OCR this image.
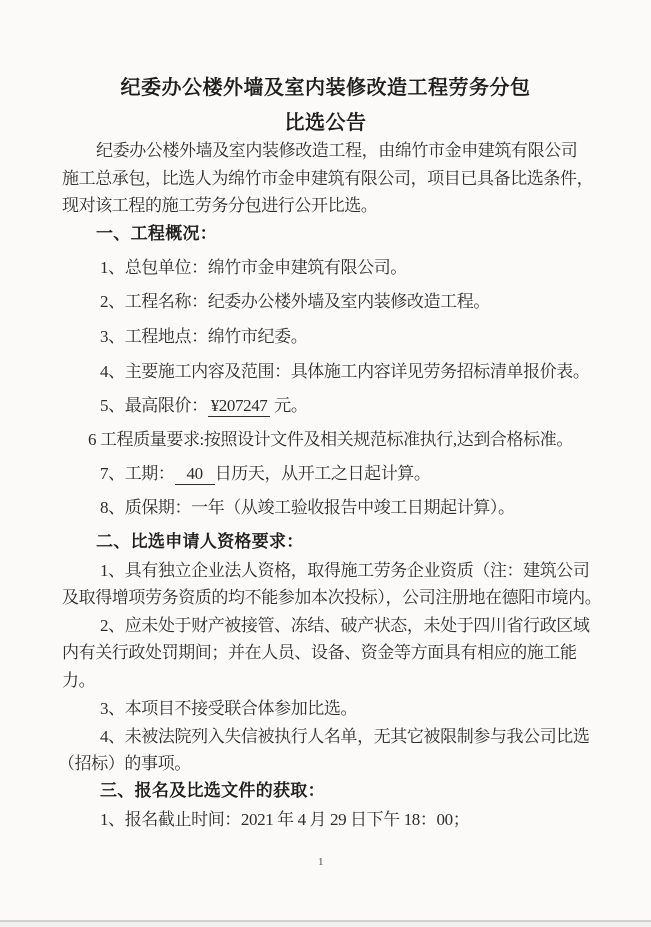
纪委办公楼外墙及室内装修改造工程劳务分包
比选公告
纪委办公楼外墙及室内装修改造工程，由绵竹市金申建筑有限公司
施工总承包，比选人为绵竹市金申建筑有限公司，项目已具备比选条件，
现对该工程的施工劳务分包进行公开比选。
一、工程概况：
1、总包单位：绵竹市金申建筑有限公司。
2、工程名称：纪委办公楼外墙及室内装修改造工程。
3、工程地点：绵竹市纪委。
4、主要施工内容及范围：具体施工内容详见劳务招标清单报价表。
5、最高限价： ¥207247 元。
6 工程质量要求:按照设计文件及相关规范标准执行,达到合格标准。
7、工期： 40 日历天，从开工之日起计算。
8、质保期：一年（从竣工验收报告中竣工日期起计算）。
二、比选申请人资格要求：
1、具有独立企业法人资格，取得施工劳务企业资质（注：建筑公司
及取得增项劳务资质的均不能参加本次投标），公司注册地在德阳市境内。
2、应未处于财产被接管、冻结、破产状态，未处于四川省行政区域
内有关行政处罚期间；并在人员、设备、资金等方面具有相应的施工能
力。
3、本项目不接受联合体参加比选。
4、未被法院列入失信被执行人名单，无其它被限制参与我公司比选
（招标）的事项。
三、报名及比选文件的获取：
1、报名截止时间：2021 年 4 月 29 日下午 18：00；
1
